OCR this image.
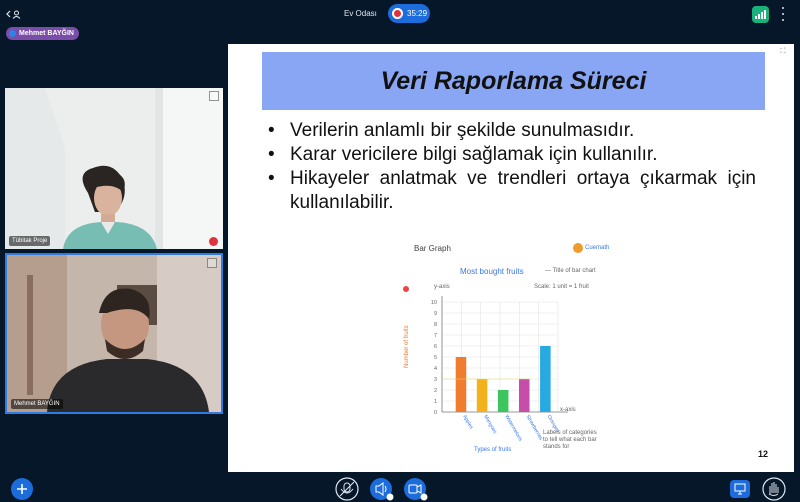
Ev Odası	35:29
Mehmet BAYĞIN
Tübitak Proje
Mehmet BAYĞIN
⛶
Veri Raporlama Süreci
• Verilerin anlamlı bir şekilde sunulmasıdır.
• Karar vericilere bilgi sağlamak için kullanılır.
• Hikayeler anlatmak ve trendleri ortaya çıkarmak için kullanılabilir.
Bar Graph	Cuemath
Most bought fruits	— Title of bar chart
Scale: 1 unit = 1 fruit
y-axis
x-axis
Number of fruits
Types of fruits
Labels of categories to tell what each bar stands for
0
1
2
3
4
5
6
7
8
9
10
Apples Mangoes Watermelons Strawberries Oranges
12
